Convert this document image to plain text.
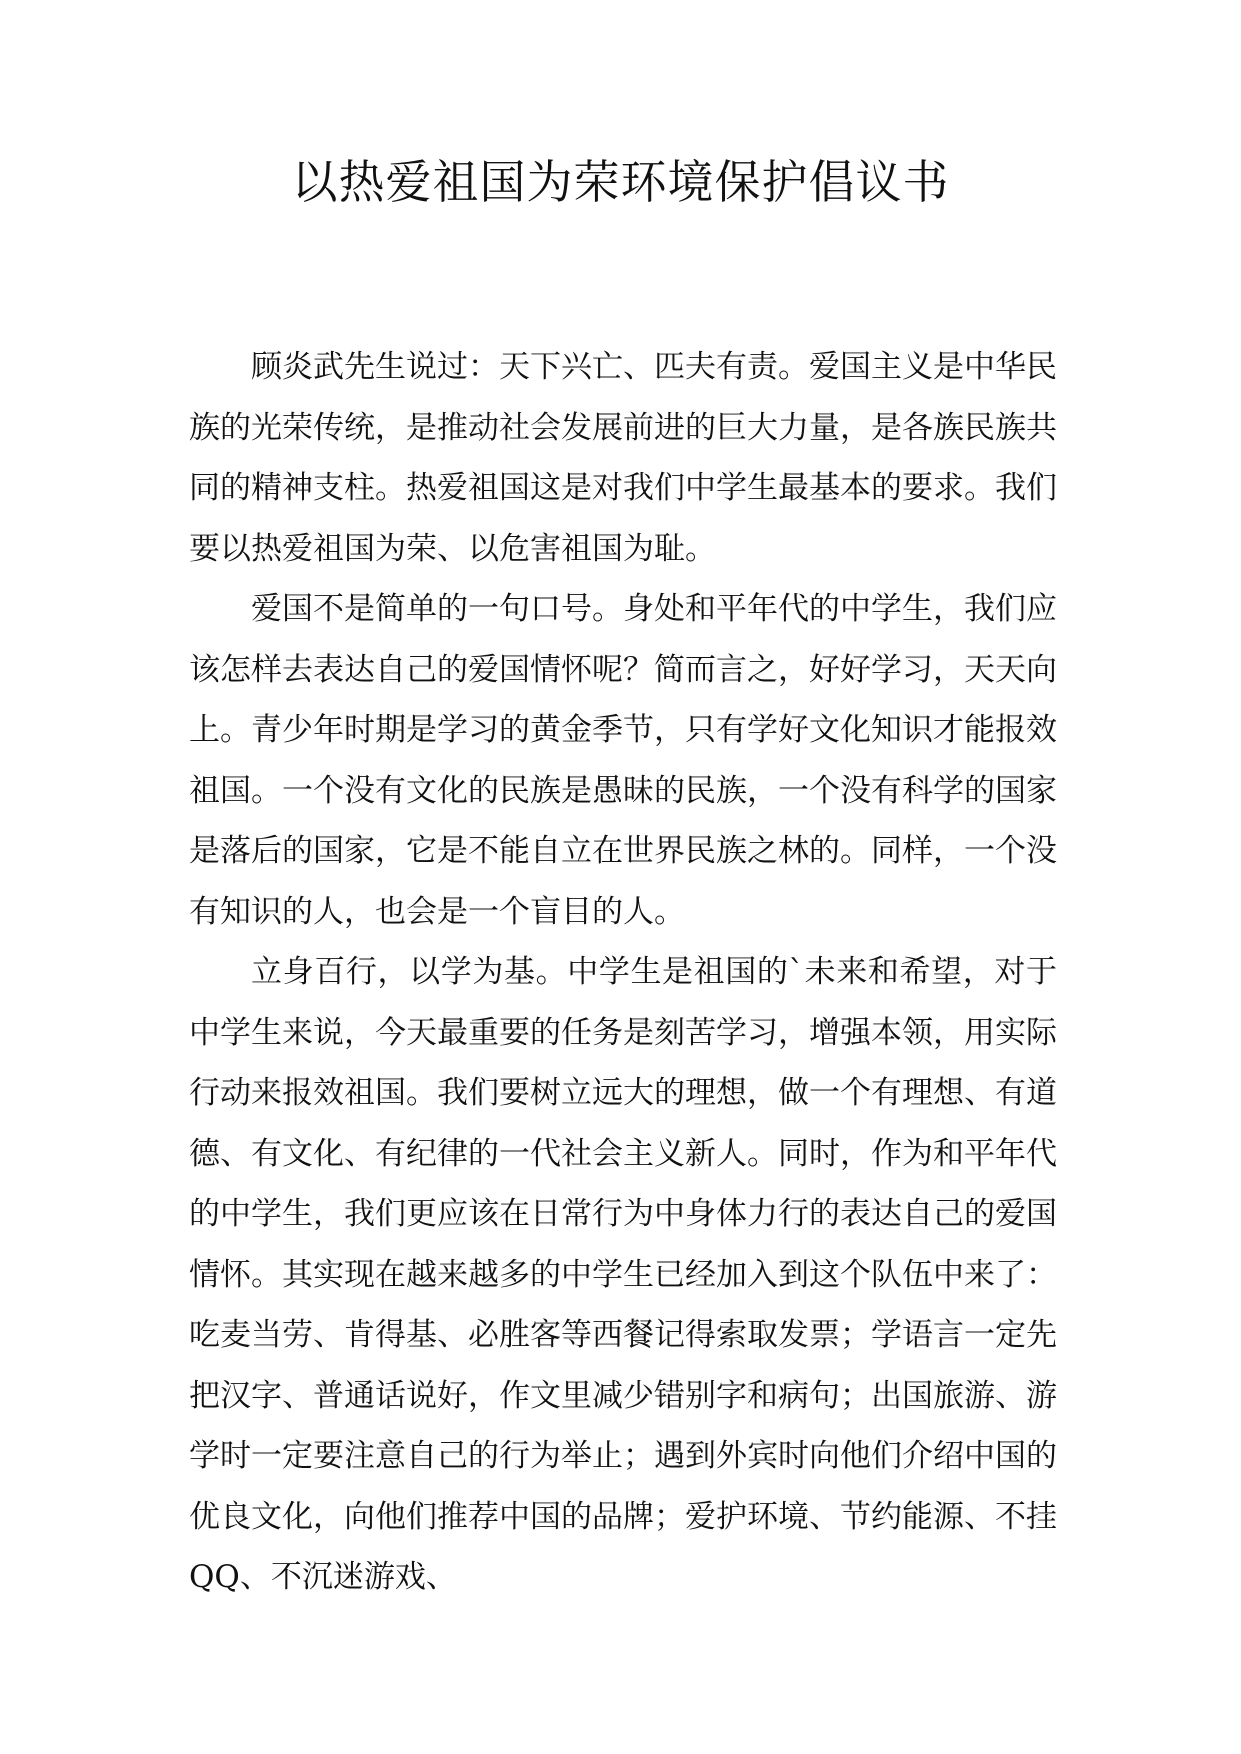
以热爱祖国为荣环境保护倡议书

顾炎武先生说过：天下兴亡、匹夫有责。爱国主义是中华民族的光荣传统，是推动社会发展前进的巨大力量，是各族民族共同的精神支柱。热爱祖国这是对我们中学生最基本的要求。我们要以热爱祖国为荣、以危害祖国为耻。

爱国不是简单的一句口号。身处和平年代的中学生，我们应该怎样去表达自己的爱国情怀呢？简而言之，好好学习，天天向上。青少年时期是学习的黄金季节，只有学好文化知识才能报效祖国。一个没有文化的民族是愚昧的民族，一个没有科学的国家是落后的国家，它是不能自立在世界民族之林的。同样，一个没有知识的人，也会是一个盲目的人。

立身百行，以学为基。中学生是祖国的`未来和希望，对于中学生来说，今天最重要的任务是刻苦学习，增强本领，用实际行动来报效祖国。我们要树立远大的理想，做一个有理想、有道德、有文化、有纪律的一代社会主义新人。同时，作为和平年代的中学生，我们更应该在日常行为中身体力行的表达自己的爱国情怀。其实现在越来越多的中学生已经加入到这个队伍中来了：吃麦当劳、肯得基、必胜客等西餐记得索取发票；学语言一定先把汉字、普通话说好，作文里减少错别字和病句；出国旅游、游学时一定要注意自己的行为举止；遇到外宾时向他们介绍中国的优良文化，向他们推荐中国的品牌；爱护环境、节约能源、不挂QQ、不沉迷游戏、
